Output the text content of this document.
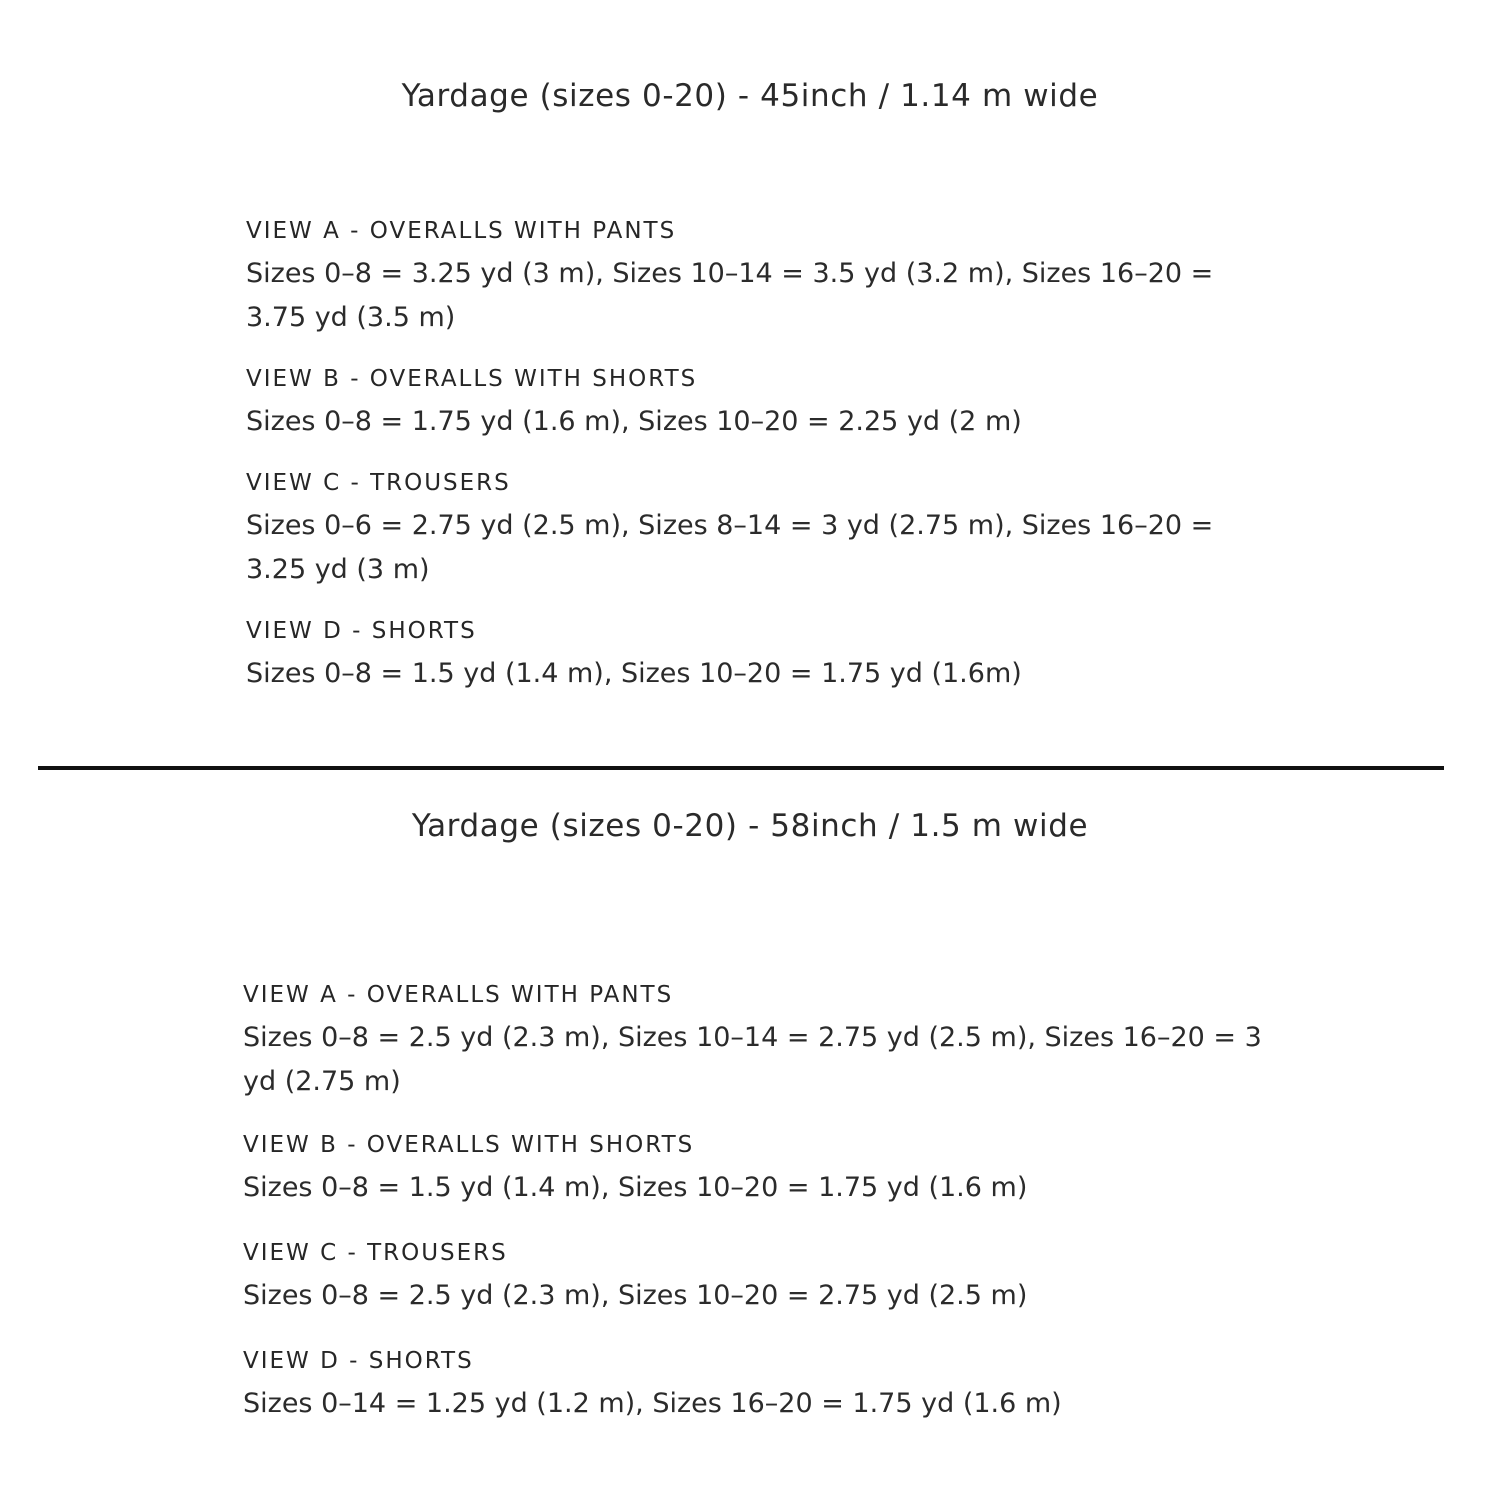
Yardage (sizes 0-20) - 45inch / 1.14 m wide
VIEW A - OVERALLS WITH PANTS
Sizes 0–8 = 3.25 yd (3 m), Sizes 10–14 = 3.5 yd (3.2 m), Sizes 16–20 = 3.75 yd (3.5 m)
VIEW B - OVERALLS WITH SHORTS
Sizes 0–8 = 1.75 yd (1.6 m), Sizes 10–20 = 2.25 yd (2 m)
VIEW C - TROUSERS
Sizes 0–6 = 2.75 yd (2.5 m), Sizes 8–14 = 3 yd (2.75 m), Sizes 16–20 = 3.25 yd (3 m)
VIEW D - SHORTS
Sizes 0–8 = 1.5 yd (1.4 m), Sizes 10–20 = 1.75 yd (1.6m)
Yardage (sizes 0-20) - 58inch / 1.5 m wide
VIEW A - OVERALLS WITH PANTS
Sizes 0–8 = 2.5 yd (2.3 m), Sizes 10–14 = 2.75 yd (2.5 m), Sizes 16–20 = 3 yd (2.75 m)
VIEW B - OVERALLS WITH SHORTS
Sizes 0–8 = 1.5 yd (1.4 m), Sizes 10–20 = 1.75 yd (1.6 m)
VIEW C - TROUSERS
Sizes 0–8 = 2.5 yd (2.3 m), Sizes 10–20 = 2.75 yd (2.5 m)
VIEW D - SHORTS
Sizes 0–14 = 1.25 yd (1.2 m), Sizes 16–20 = 1.75 yd (1.6 m)
